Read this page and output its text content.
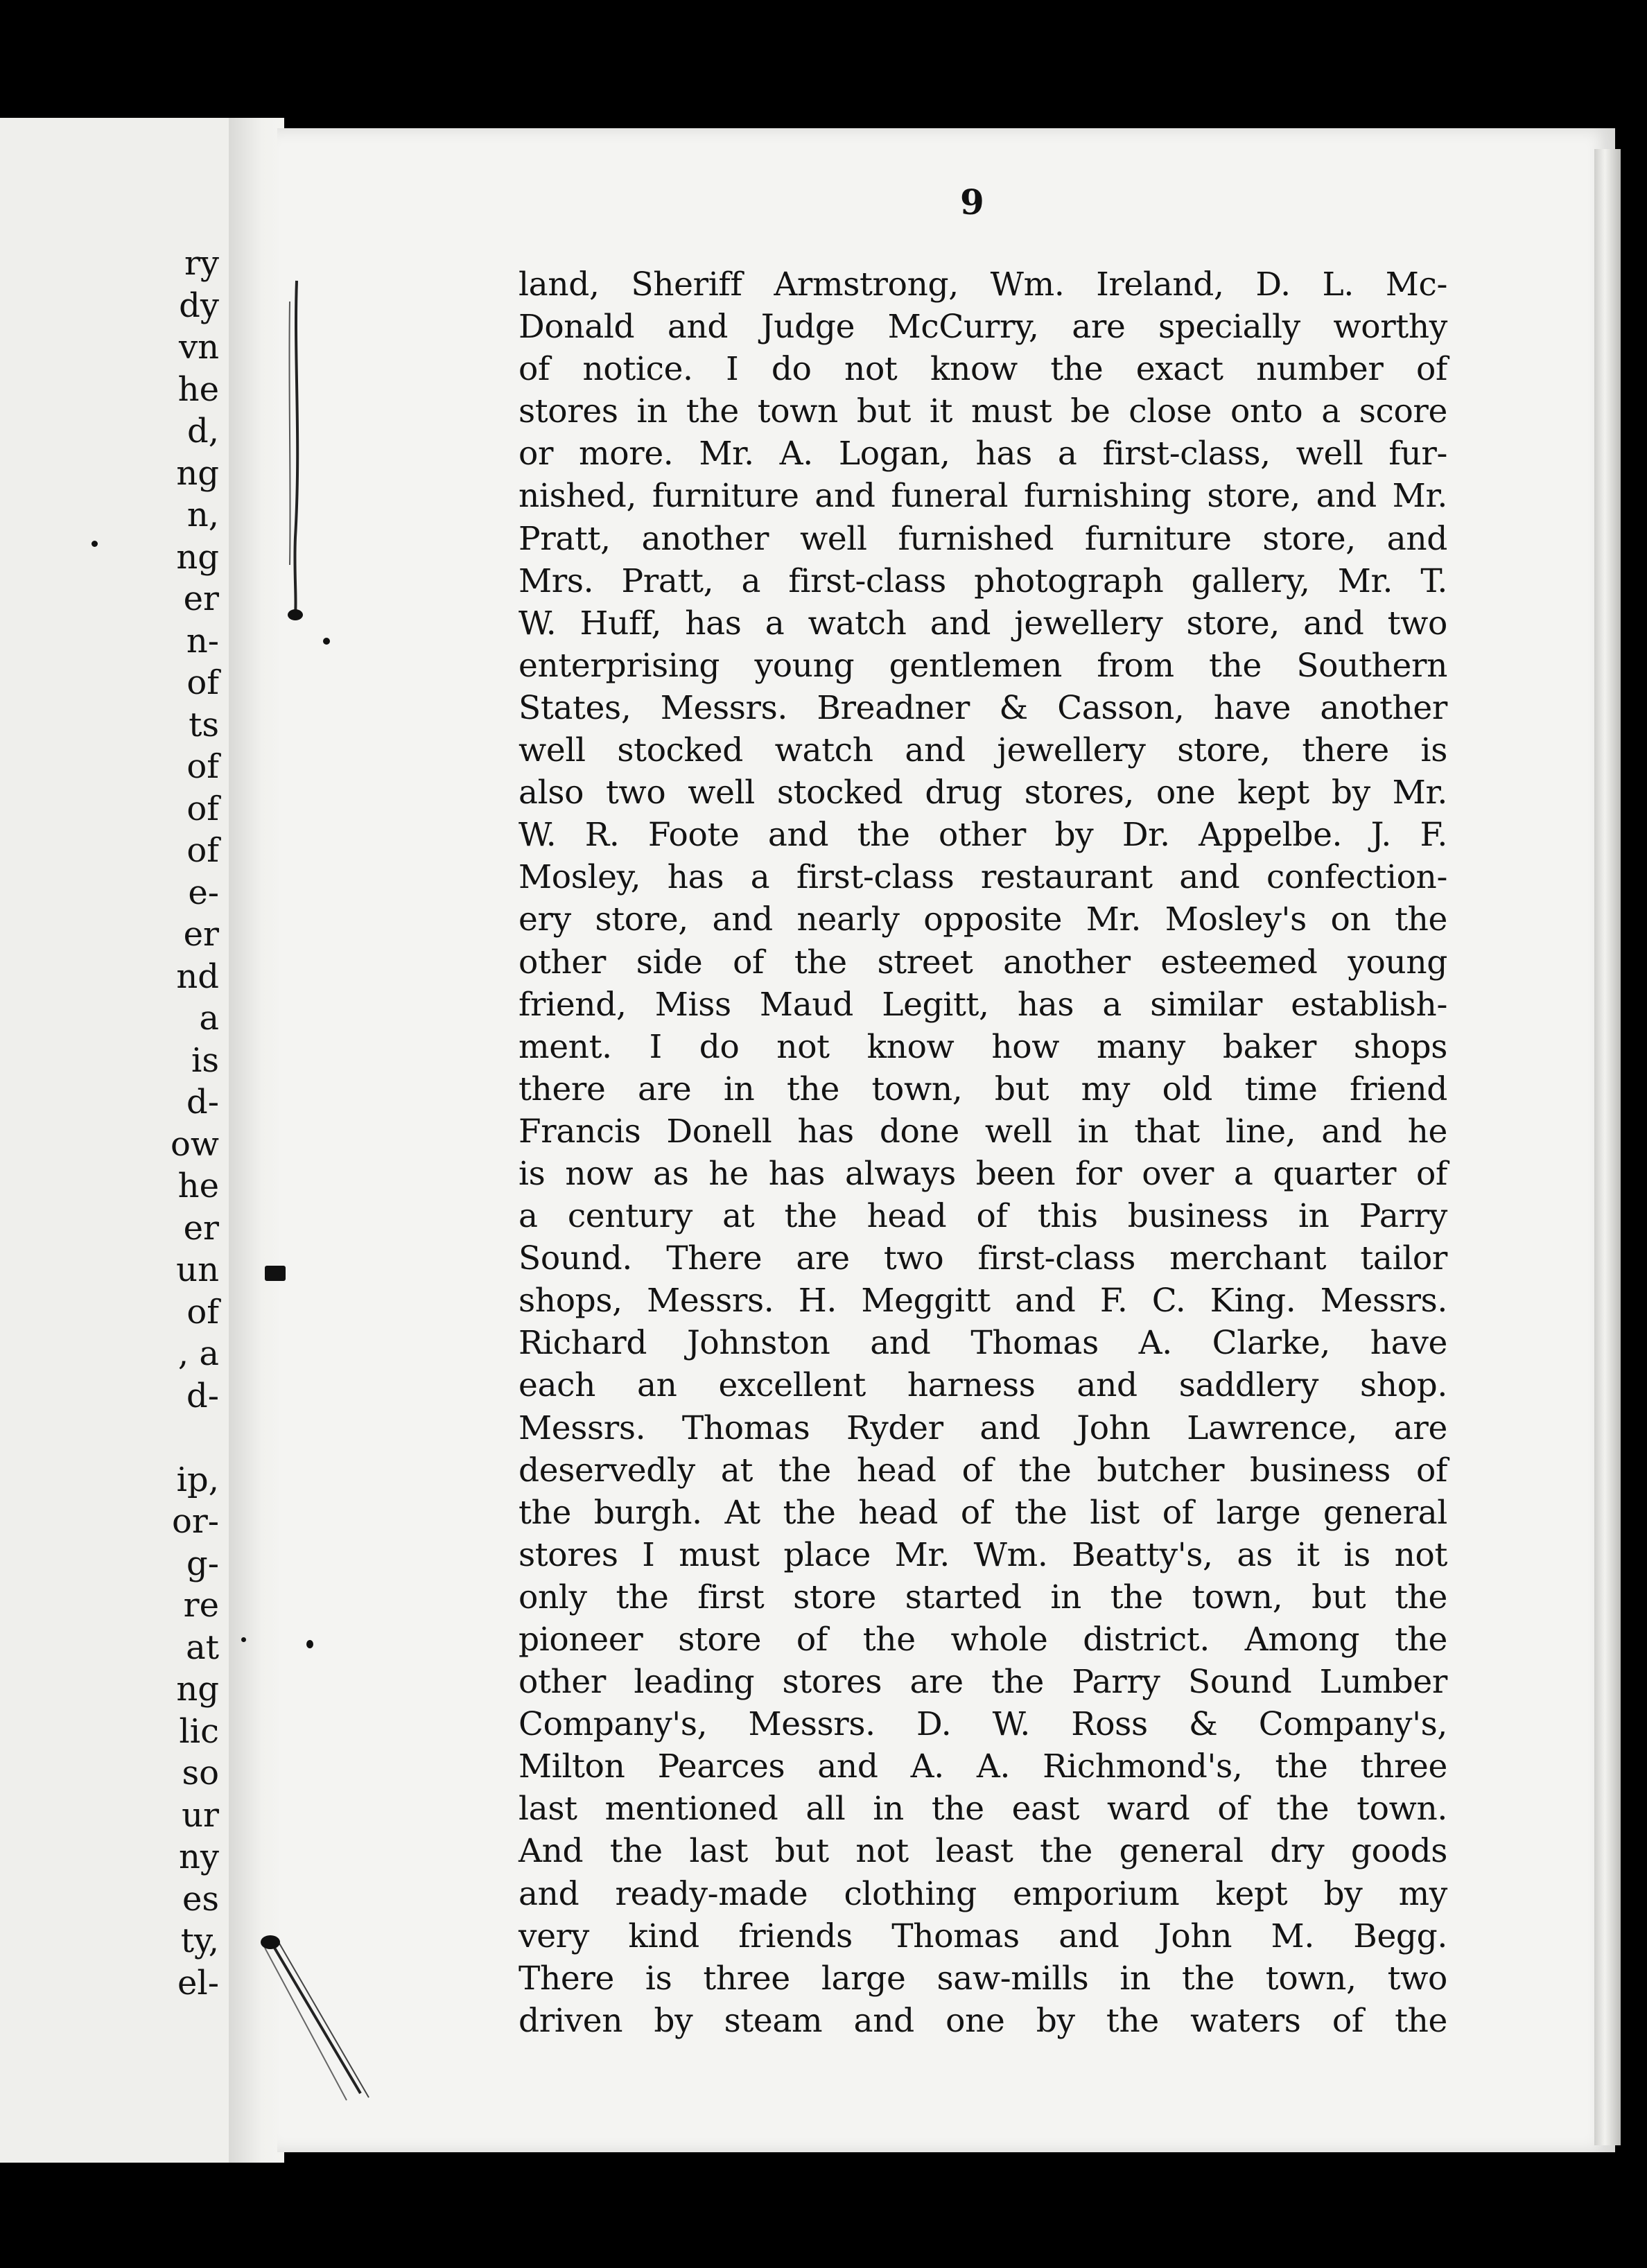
ry

dy

vn

he

d,

ng

n,

ng

er

n-

of

ts

of

of

of

e-

er

nd

a

is

d-

ow

he

er

un

of

, a

d-

ip,

or-

g-

re

at

ng

lic

so

ur

ny

es

ty,

el-

9
land, Sheriff Armstrong, Wm. Ireland, D. L. Mc-
Donald and Judge McCurry, are specially worthy
of notice. I do not know the exact number of
stores in the town but it must be close onto a score
or more. Mr. A. Logan, has a first-class, well fur-
nished, furniture and funeral furnishing store, and Mr.
Pratt, another well furnished furniture store, and
Mrs. Pratt, a first-class photograph gallery, Mr. T.
W. Huff, has a watch and jewellery store, and two
enterprising young gentlemen from the Southern
States, Messrs. Breadner & Casson, have another
well stocked watch and jewellery store, there is
also two well stocked drug stores, one kept by Mr.
W. R. Foote and the other by Dr. Appelbe. J. F.
Mosley, has a first-class restaurant and confection-
ery store, and nearly opposite Mr. Mosley's on the
other side of the street another esteemed young
friend, Miss Maud Legitt, has a similar establish-
ment. I do not know how many baker shops
there are in the town, but my old time friend
Francis Donell has done well in that line, and he
is now as he has always been for over a quarter of
a century at the head of this business in Parry
Sound. There are two first-class merchant tailor
shops, Messrs. H. Meggitt and F. C. King. Messrs.
Richard Johnston and Thomas A. Clarke, have
each an excellent harness and saddlery shop.
Messrs. Thomas Ryder and John Lawrence, are
deservedly at the head of the butcher business of
the burgh. At the head of the list of large general
stores I must place Mr. Wm. Beatty's, as it is not
only the first store started in the town, but the
pioneer store of the whole district. Among the
other leading stores are the Parry Sound Lumber
Company's, Messrs. D. W. Ross & Company's,
Milton Pearces and A. A. Richmond's, the three
last mentioned all in the east ward of the town.
And the last but not least the general dry goods
and ready-made clothing emporium kept by my
very kind friends Thomas and John M. Begg.
There is three large saw-mills in the town, two
driven by steam and one by the waters of the
